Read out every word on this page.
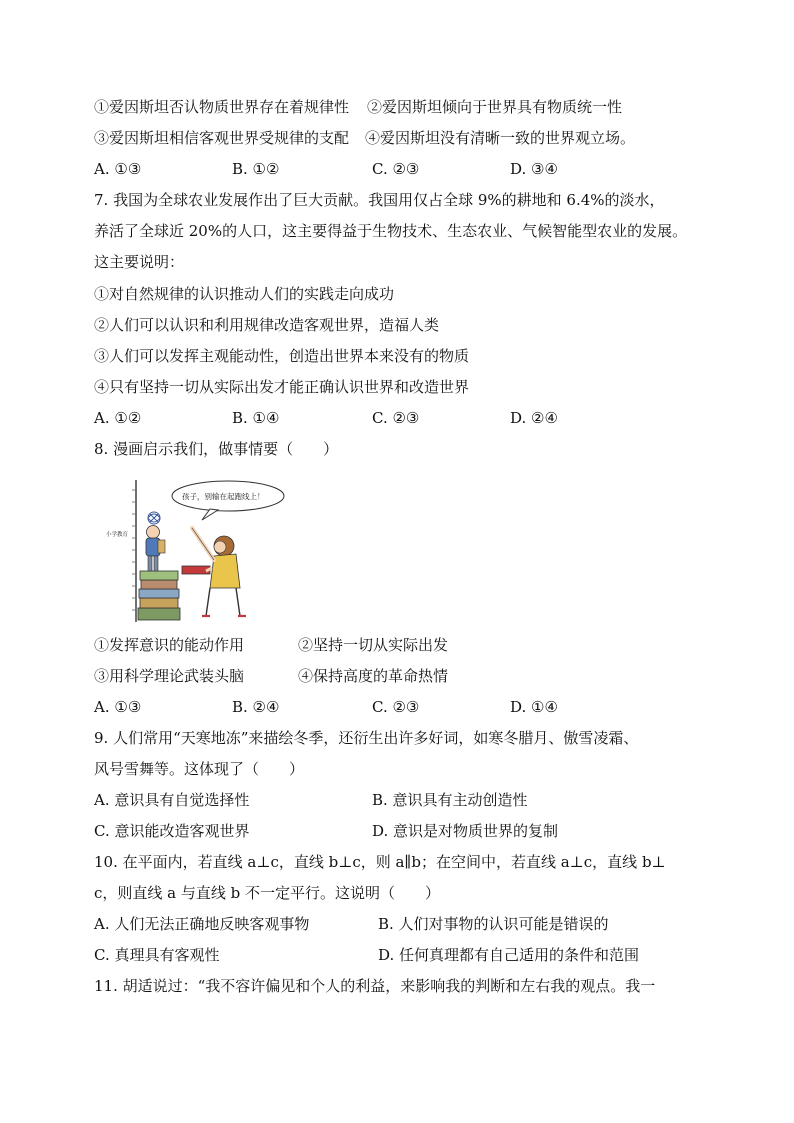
①爱因斯坦否认物质世界存在着规律性 ②爱因斯坦倾向于世界具有物质统一性
③爱因斯坦相信客观世界受规律的支配 ④爱因斯坦没有清晰一致的世界观立场。
A. ①③	B. ①②	C. ②③	D. ③④
7. 我国为全球农业发展作出了巨大贡献。我国用仅占全球 9%的耕地和 6.4%的淡水，
养活了全球近 20%的人口，这主要得益于生物技术、生态农业、气候智能型农业的发展。
这主要说明：
①对自然规律的认识推动人们的实践走向成功
②人们可以认识和利用规律改造客观世界，造福人类
③人们可以发挥主观能动性，创造出世界本来没有的物质
④只有坚持一切从实际出发才能正确认识世界和改造世界
A. ①②	B. ①④	C. ②③	D. ②④
8. 漫画启示我们，做事情要（　　）
小学教育
孩子，别输在起跑线上！
①发挥意识的能动作用	②坚持一切从实际出发
③用科学理论武装头脑	④保持高度的革命热情
A. ①③	B. ②④	C. ②③	D. ①④
9. 人们常用“天寒地冻”来描绘冬季，还衍生出许多好词，如寒冬腊月、傲雪凌霜、
风号雪舞等。这体现了（　　）
A. 意识具有自觉选择性	B. 意识具有主动创造性
C. 意识能改造客观世界	D. 意识是对物质世界的复制
10. 在平面内，若直线 a⊥c，直线 b⊥c，则 a∥b；在空间中，若直线 a⊥c，直线 b⊥
c，则直线 a 与直线 b 不一定平行。这说明（　　）
A. 人们无法正确地反映客观事物	B. 人们对事物的认识可能是错误的
C. 真理具有客观性	D. 任何真理都有自己适用的条件和范围
11. 胡适说过：“我不容许偏见和个人的利益，来影响我的判断和左右我的观点。我一
